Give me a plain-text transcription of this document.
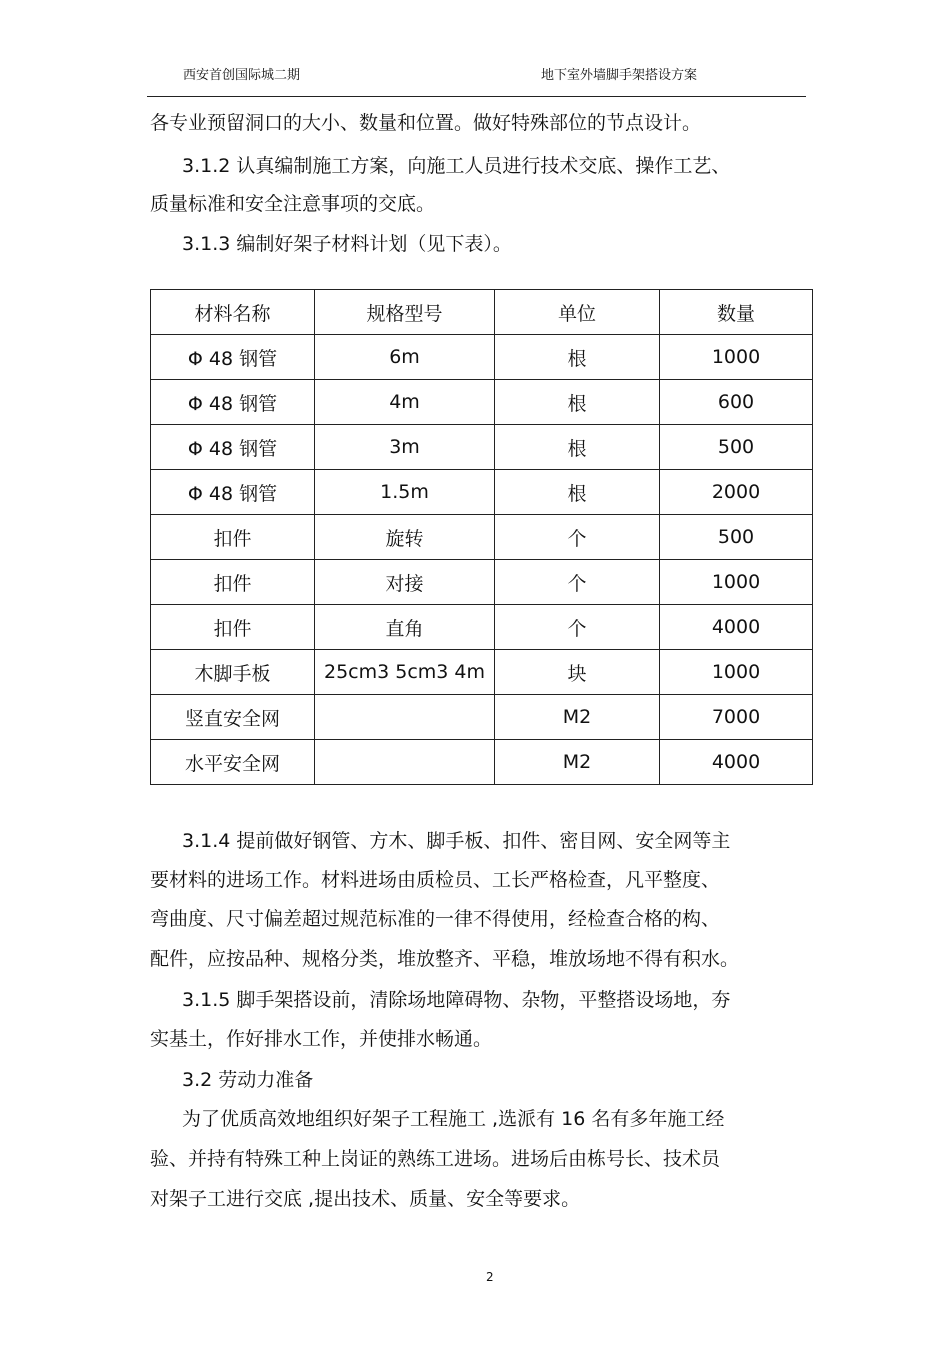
西安首创国际城二期	地下室外墙脚手架搭设方案
各专业预留洞口的大小、数量和位置。做好特殊部位的节点设计。
3.1.2 认真编制施工方案，向施工人员进行技术交底、操作工艺、
质量标准和安全注意事项的交底。
3.1.3 编制好架子材料计划（见下表）。
材料名称	规格型号	单位	数量
Φ 48 钢管	6m	根	1000
Φ 48 钢管	4m	根	600
Φ 48 钢管	3m	根	500
Φ 48 钢管	1.5m	根	2000
扣件	旋转	个	500
扣件	对接	个	1000
扣件	直角	个	4000
木脚手板	25cm3 5cm3 4m	块	1000
竖直安全网		M2	7000
水平安全网		M2	4000
3.1.4 提前做好钢管、方木、脚手板、扣件、密目网、安全网等主
要材料的进场工作。材料进场由质检员、工长严格检查，凡平整度、
弯曲度、尺寸偏差超过规范标准的一律不得使用，经检查合格的构、
配件，应按品种、规格分类，堆放整齐、平稳，堆放场地不得有积水。
3.1.5 脚手架搭设前，清除场地障碍物、杂物，平整搭设场地，夯
实基土，作好排水工作，并使排水畅通。
3.2 劳动力准备
为了优质高效地组织好架子工程施工 ,选派有 16 名有多年施工经
验、并持有特殊工种上岗证的熟练工进场。进场后由栋号长、技术员
对架子工进行交底 ,提出技术、质量、安全等要求。
2
